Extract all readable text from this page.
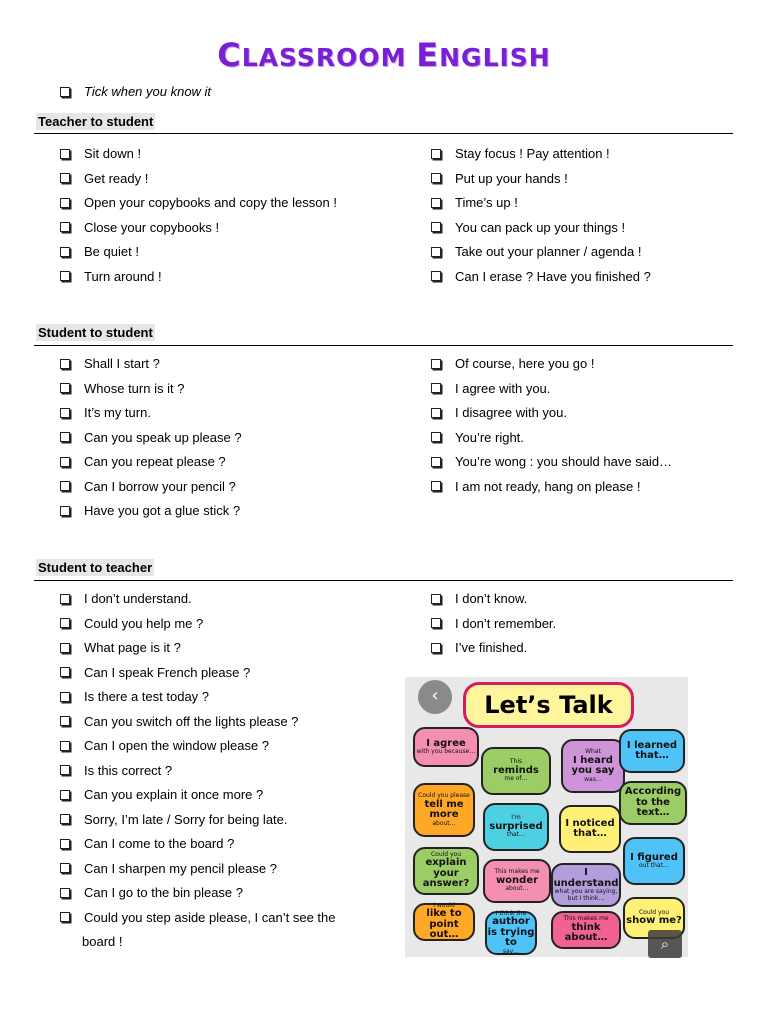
CLASSROOM ENGLISH
Tick when you know it
Teacher to student
Sit down !
Get ready !
Open your copybooks and copy the lesson !
Close your copybooks !
Be quiet !
Turn around !
Stay focus ! Pay attention !
Put up your hands !
Time’s up !
You can pack up your things !
Take out your planner / agenda !
Can I erase ? Have you finished ?
Student to student
Shall I start ?
Whose turn is it ?
It’s my turn.
Can you speak up please ?
Can you repeat please ?
Can I borrow your pencil ?
Have you got a glue stick ?
Of course, here you go !
I agree with you.
I disagree with you.
You’re right.
You’re wong : you should have said…
I am not ready, hang on please !
Student to teacher
I don’t understand.
Could you help me ?
What page is it ?
Can I speak French please ?
Is there a test today ?
Can you switch off the lights please ?
Can I open the window please ?
Is this correct ?
Can you explain it once more ?
Sorry, I’m late / Sorry for being late.
Can I come to the board ?
Can I sharpen my pencil please ?
Can I go to the bin please ?
Could you step aside please, I can’t see the board !
I don’t know.
I don’t remember.
I’ve finished.
Let’s Talk
I agree
with you because…
This
reminds
me of…
What
I heard you say
was…
I learned that…
Could you please
tell me more
about…
I’m
surprised
that…
I noticed that…
According to the text…
Could you
explain your answer?
This makes me
wonder
about…
I understand
what you are saying, but I think…
I figured
out that…
I would
like to point out…
I think the
author is trying to
say…
This makes me
think about…
Could you
show me?
‹
⌕
